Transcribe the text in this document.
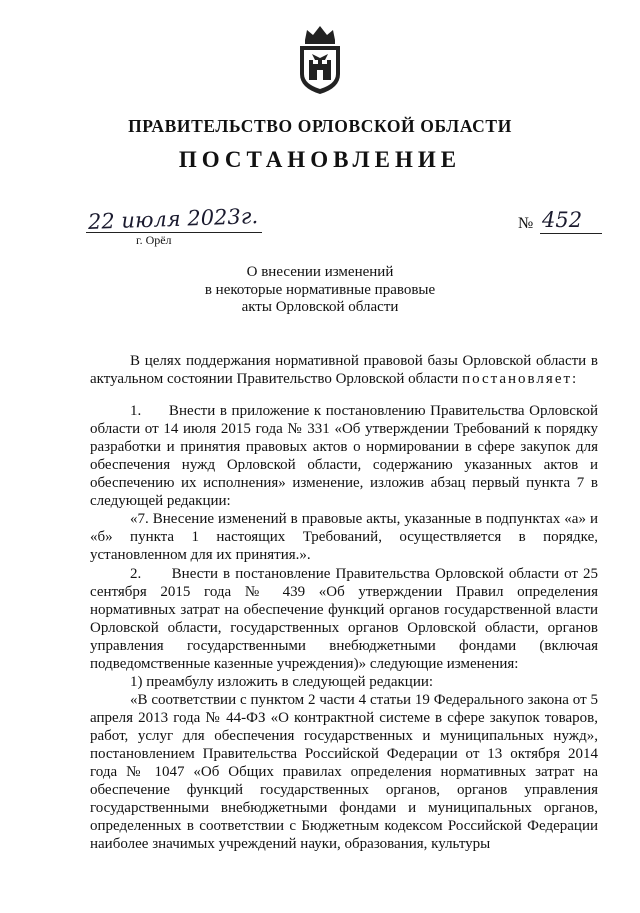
ПРАВИТЕЛЬСТВО ОРЛОВСКОЙ ОБЛАСТИ
ПОСТАНОВЛЕНИЕ
22 июля 2023г.
г. Орёл
№ 452
О внесении изменений
в некоторые нормативные правовые
акты Орловской области

В целях поддержания нормативной правовой базы Орловской области в актуальном состоянии Правительство Орловской области постановляет:

1.      Внести в приложение к постановлению Правительства Орловской области от 14 июля 2015 года № 331 «Об утверждении Требований к порядку разработки и принятия правовых актов о нормировании в сфере закупок для обеспечения нужд Орловской области, содержанию указанных актов и обеспечению их исполнения» изменение, изложив абзац первый пункта 7 в следующей редакции:

«7. Внесение изменений в правовые акты, указанные в подпунктах «а» и «б» пункта 1 настоящих Требований, осуществляется в порядке, установленном для их принятия.».

2.      Внести в постановление Правительства Орловской области от 25 сентября 2015 года № 439 «Об утверждении Правил определения нормативных затрат на обеспечение функций органов государственной власти Орловской области, государственных органов Орловской области, органов управления государственными внебюджетными фондами (включая подведомственные казенные учреждения)» следующие изменения:

1) преамбулу изложить в следующей редакции:

«В соответствии с пунктом 2 части 4 статьи 19 Федерального закона от 5 апреля 2013 года № 44-ФЗ «О контрактной системе в сфере закупок товаров, работ, услуг для обеспечения государственных и муниципальных нужд», постановлением Правительства Российской Федерации от 13 октября 2014 года № 1047 «Об Общих правилах определения нормативных затрат на обеспечение функций государственных органов, органов управления государственными внебюджетными фондами и муниципальных органов, определенных в соответствии с Бюджетным кодексом Российской Федерации наиболее значимых учреждений науки, образования, культуры
